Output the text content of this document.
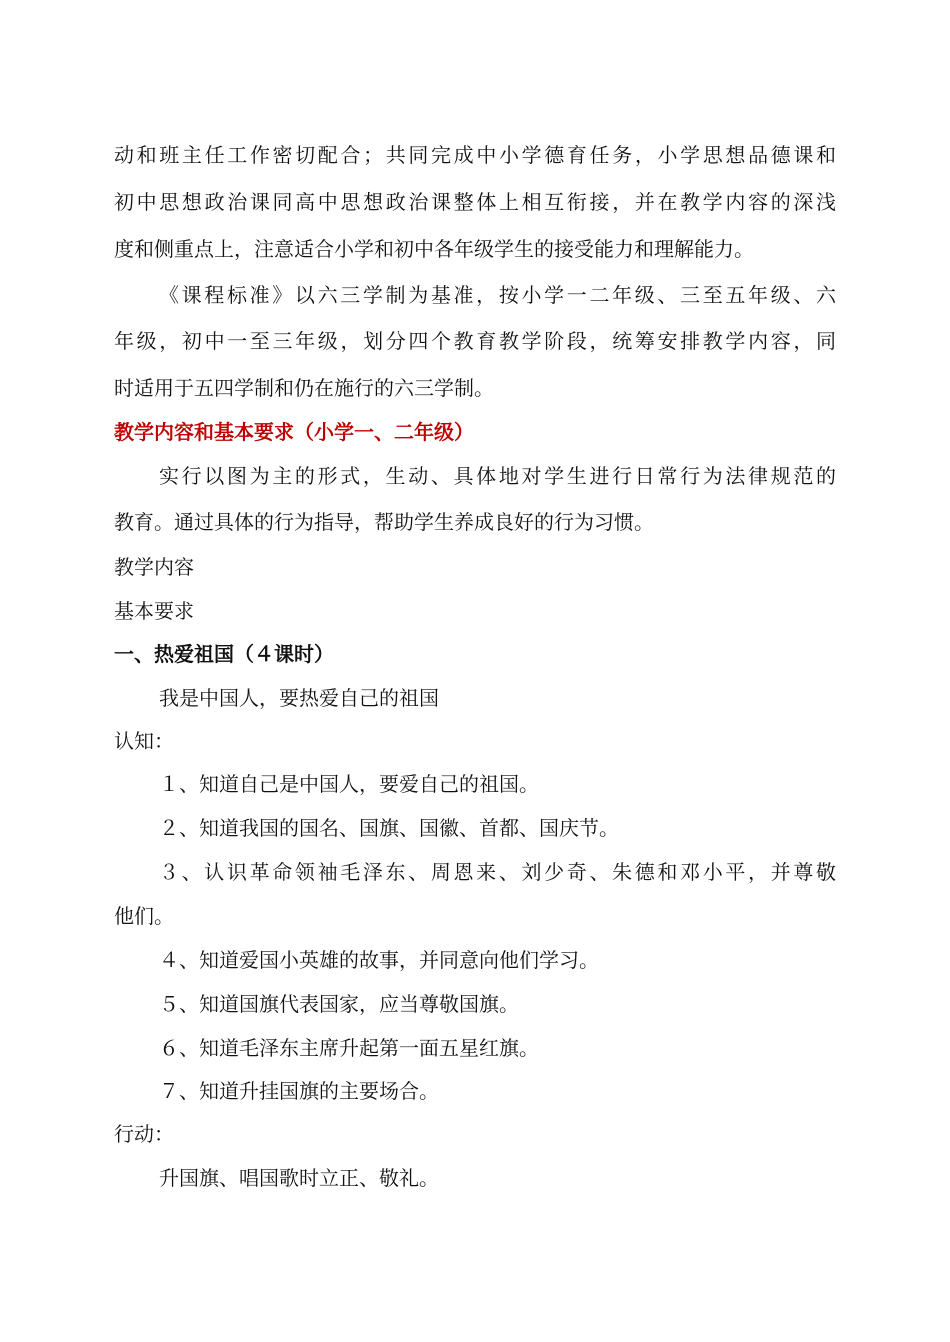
动和班主任工作密切配合；共同完成中小学德育任务，小学思想品德课和

初中思想政治课同高中思想政治课整体上相互衔接，并在教学内容的深浅

度和侧重点上，注意适合小学和初中各年级学生的接受能力和理解能力。

《课程标准》以六三学制为基准，按小学一二年级、三至五年级、六

年级，初中一至三年级，划分四个教育教学阶段，统筹安排教学内容，同

时适用于五四学制和仍在施行的六三学制。

教学内容和基本要求（小学一、二年级）

实行以图为主的形式，生动、具体地对学生进行日常行为法律规范的

教育。通过具体的行为指导，帮助学生养成良好的行为习惯。

教学内容

基本要求

一、热爱祖国（４课时）

我是中国人，要热爱自己的祖国

认知：

１、知道自己是中国人，要爱自己的祖国。

２、知道我国的国名、国旗、国徽、首都、国庆节。

３、认识革命领袖毛泽东、周恩来、刘少奇、朱德和邓小平，并尊敬

他们。

４、知道爱国小英雄的故事，并同意向他们学习。

５、知道国旗代表国家，应当尊敬国旗。

６、知道毛泽东主席升起第一面五星红旗。

７、知道升挂国旗的主要场合。

行动：

升国旗、唱国歌时立正、敬礼。
